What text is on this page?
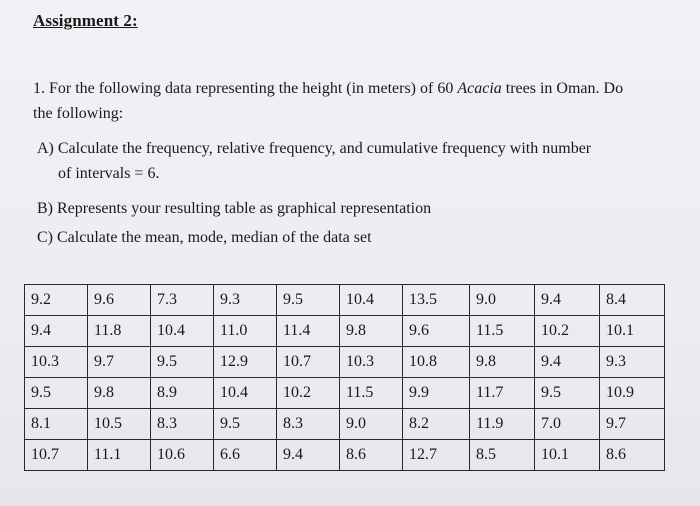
Assignment 2:
1. For the following data representing the height (in meters) of 60 Acacia trees in Oman. Do
the following:
A) Calculate the frequency, relative frequency, and cumulative frequency with number
of intervals = 6.
B) Represents your resulting table as graphical representation
C) Calculate the mean, mode, median of the data set
9.2	9.6	7.3	9.3	9.5	10.4	13.5	9.0	9.4	8.4
9.4	11.8	10.4	11.0	11.4	9.8	9.6	11.5	10.2	10.1
10.3	9.7	9.5	12.9	10.7	10.3	10.8	9.8	9.4	9.3
9.5	9.8	8.9	10.4	10.2	11.5	9.9	11.7	9.5	10.9
8.1	10.5	8.3	9.5	8.3	9.0	8.2	11.9	7.0	9.7
10.7	11.1	10.6	6.6	9.4	8.6	12.7	8.5	10.1	8.6
